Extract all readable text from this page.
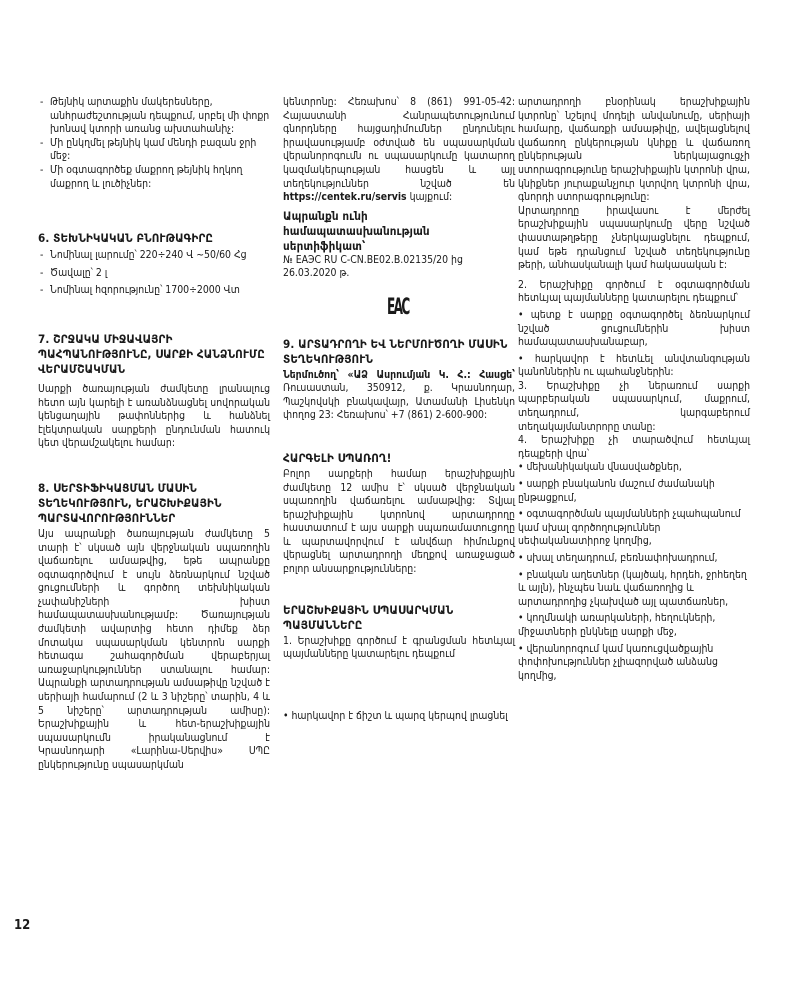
- Թեյնիկ արտաքին մակերեսները, անհրաժեշտության դեպքում, սրբել մի փոքր խոնավ կտորի առանց ախտահանիչ:
- Մի ընկղմել թեյնիկ կամ մենդի բազան ջրի մեջ:
- Մի օգտագործեք մաքրող թեյնիկ հղկող մաքրող և լուծիչներ:
6. ՏԵԽՆԻԿԱԿԱՆ ԲՆՈՒԹԱԳԻՐԸ
- Նոմինալ լարումը՝ 220÷240 Վ ~50/60 Հց
- Ծավալը՝ 2 լ
- Նոմինալ հզորությունը՝ 1700÷2000 Վտ
7. ՇՐՋԱԿԱ ՄԻՋԱՎԱՅՐԻ ՊԱՀՊԱՆՈՒԹՅՈՒՆԸ, ՍԱՐՔԻ ՀԱՆՁՆՈՒՄԸ ՎԵՐԱՄՇԱԿՄԱՆ

Սարքի ծառայության ժամկետը լրանալուց հետո այն կարելի է առանձնացնել սովորական կենցաղային թափոններից և հանձնել էլեկտրական սարքերի ընդունման հատուկ կետ վերամշակելու համար:

8. ՍԵՐՏԻՖԻԿԱՑՄԱՆ ՄԱՍԻՆ ՏԵՂԵԿՈՒԹՅՈՒՆ, ԵՐԱՇԽԻՔԱՅԻՆ ՊԱՐՏԱՎՈՐՈՒԹՅՈՒՆՆԵՐ

Այս ապրանքի ծառայության ժամկետը 5 տարի է՝ սկսած այն վերջնական սպառողին վաճառելու ամսաթվից, եթե ապրանքը օգտագործվում է սույն ձեռնարկում նշված ցուցումների և գործող տեխնիկական չափանիշների խիստ համապատասխանությամբ: Ծառայության ժամկետի ավարտից հետո դիմեք ձեր մոտակա սպասարկման կենտրոն սարքի հետագա շահագործման վերաբերյալ առաջարկություններ ստանալու համար: Ապրանքի արտադրության ամսաթիվը նշված է սերիայի համարում (2 և 3 նիշերը՝ տարին, 4 և 5 նիշերը՝ արտադրության ամիսը): Երաշխիքային և հետ-երաշխիքային սպասարկումն իրականացնում է Կրասնոդարի «Լարինա-Սերվիս» ՍՊԸ ընկերությունը սպասարկման

կենտրոնը: Հեռախոս՝ 8 (861) 991-05-42: Հայաստանի Հանրապետությունում գնորդները հայցադիմումներ ընդունելու իրավասությամբ օժտված են սպասարկման վերանորոգումն ու սպասարկումը կատարող կազմակերպության հասցեն և այլ տեղեկություններ նշված են https://centek.ru/servis կայքում:

Ապրանքն ունի համապատասխանության սերտիֆիկատ՝

№ ЕАЭС RU С-CN.ВЕ02.В.02135/20 ից 26.03.2020 թ.

EAC
9. ԱՐՏԱԴՐՈՂԻ ԵՎ ՆԵՐՄՈՒԾՈՂԻ ՄԱՍԻՆ ՏԵՂԵԿՈՒԹՅՈՒՆ

Ներմուծող՝ «ԱՁ Ասրումյան Կ. Հ.: Հասցե՝ Ռուսաստան, 350912, ք. Կրասնոդար, Պաշկովսկի բնակավայր, Ատամանի Լիսենկո փողոց 23: Հեռախոս՝ +7 (861) 2-600-900:

ՀԱՐԳԵԼԻ ՍՊԱՌՈՂ!

Բոլոր սարքերի համար երաշխիքային ժամկետը 12 ամիս է՝ սկսած վերջնական սպառողին վաճառելու ամսաթվից: Տվյալ երաշխիքային կտրոնով արտադրողը հաստատում է այս սարքի սպառամատուցողը և պարտավորվում է անվճար հիմունքով վերացնել արտադրողի մեղքով առաջացած բոլոր անսարքությունները:

ԵՐԱՇԽԻՔԱՅԻՆ ՍՊԱՍԱՐԿՄԱՆ ՊԱՅՄԱՆՆԵՐԸ

1. Երաշխիքը գործում է գրանցման հետևյալ պայմանները կատարելու դեպքում

• հարկավոր է ճիշտ և պարզ կերպով լրացնել

արտադրողի բնօրինակ երաշխիքային կտրոնը՝ նշելով մոդելի անվանումը, սերիայի համարը, վաճառքի ամսաթիվը, ավելացնելով վաճառող ընկերության կնիքը և վաճառող ընկերության ներկայացուցչի ստորագրությունը երաշխիքային կտրոնի վրա, կնիքներ յուրաքանչյուր կտրվող կտրոնի վրա, գնորդի ստորագրությունը:

Արտադրողը իրավասու է մերժել երաշխիքային սպասարկումը վերը նշված փաստաթղթերը չներկայացնելու դեպքում, կամ եթե դրանցում նշված տեղեկությունը թերի, անհասկանալի կամ հակասական է:

2. Երաշխիքը գործում է օգտագործման հետևյալ պայմանները կատարելու դեպքում՝

• պետք է սարքը օգտագործել ձեռնարկում նշված ցուցումներին խիստ համապատասխանաբար,

• հարկավոր է հետևել անվտանգության կանոններին ու պահանջներին:

3. Երաշխիքը չի ներառում սարքի պարբերական սպասարկում, մաքրում, տեղադրում, կարգաբերում տեղակայմանտրորը տանը:

4. Երաշխիքը չի տարածվում հետևյալ դեպքերի վրա՝

• մեխանիկական վնասվածքներ,
• սարքի բնականոն մաշում ժամանակի ընթացքում,
• օգտագործման պայմանների չպահպանում կամ սխալ գործողություններ սեփականատիրոջ կողմից,
• սխալ տեղադրում, բեռնափոխադրում,
• բնական աղետներ (կայծակ, հրդեհ, ջրհեղեղ և այլն), ինչպես նաև վաճառողից և արտադրողից չկախված այլ պատճառներ,
• կողմնակի առարկաների, հեղուկների, միջատների ընկնելը սարքի մեջ,
• վերանորոգում կամ կառուցվածքային փոփոխություններ չլիազորված անձանց կողմից,
12
